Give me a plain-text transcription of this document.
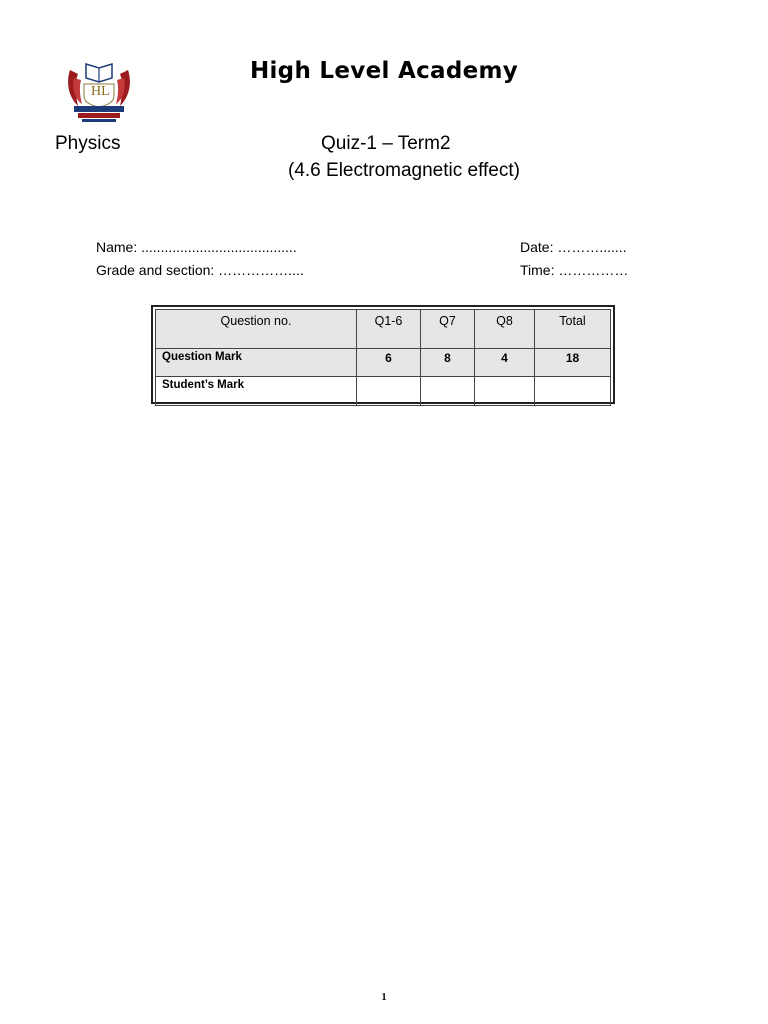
HL
High Level Academy
Physics	Quiz-1 – Term2
(4.6 Electromagnetic effect)
Name: ........................................
Grade and section: ……………....
Date: ……….......
Time: ……………
Question no.	Q1-6	Q7	Q8	Total
Question Mark	6	8	4	18
Student’s Mark				
1
